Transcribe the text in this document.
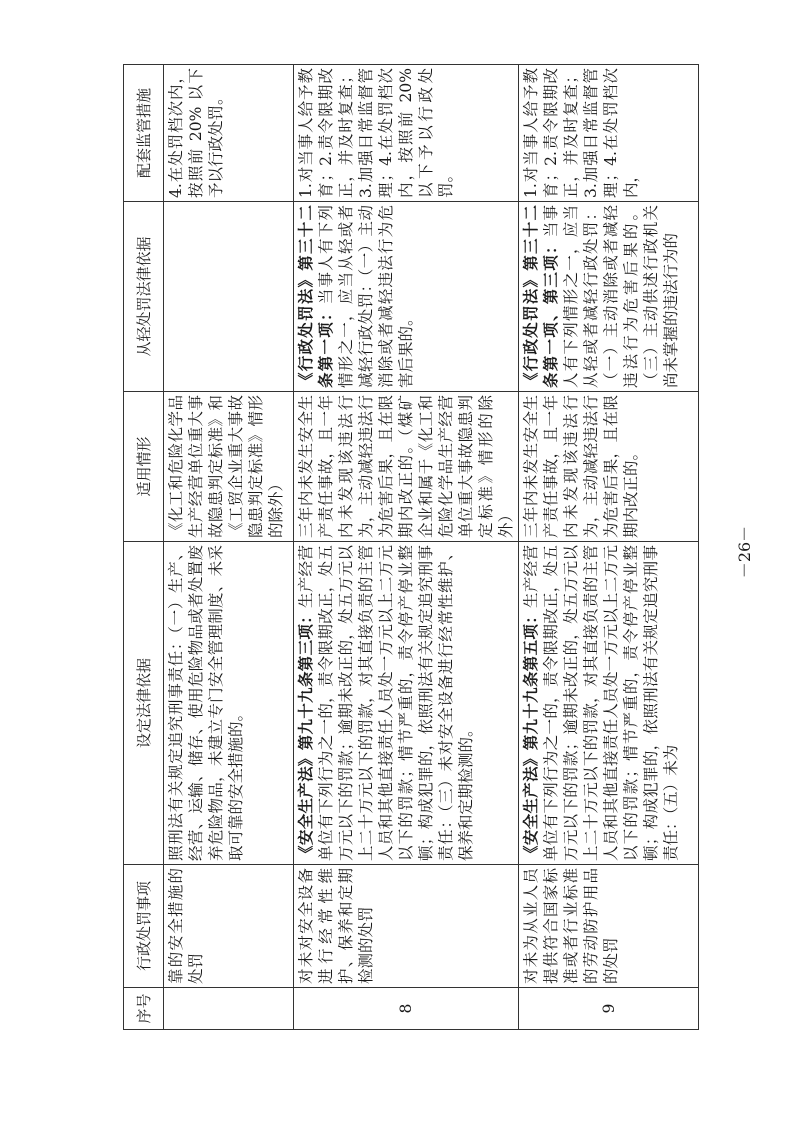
序号	行政处罚事项	设定法律依据	适用情形	从轻处罚法律依据	配套监管措施
	靠的安全措施的处罚	照刑法有关规定追究刑事责任：（一）生产、经营、运输、储存、使用危险物品或者处置废弃危险物品，未建立专门安全管理制度、未采取可靠的安全措施的。	《化工和危险化学品生产经营单位重大事故隐患判定标准》和《工贸企业重大事故隐患判定标准》情形的除外）		4.在处罚档次内，按照前 20% 以下予以行政处罚。
8	对未对安全设备进行经常性维护、保养和定期检测的处罚	《安全生产法》第九十九条第三项：生产经营单位有下列行为之一的，责令限期改正，处五万元以下的罚款；逾期未改正的，处五万元以上二十万元以下的罚款，对其直接负责的主管人员和其他直接责任人员处一万元以上二万元以下的罚款；情节严重的，责令停产停业整顿；构成犯罪的，依照刑法有关规定追究刑事责任：（三）未对安全设备进行经常性维护、保养和定期检测的。	三年内未发生安全生产责任事故，且一年内未发现该违法行为，主动减轻违法行为危害后果，且在限期内改正的。（煤矿企业和属于《化工和危险化学品生产经营单位重大事故隐患判定标准》情形的除外）	《行政处罚法》第三十二条第一项：当事人有下列情形之一，应当从轻或者减轻行政处罚：（一）主动消除或者减轻违法行为危害后果的。	1.对当事人给予教育；2.责令限期改正，并及时复查；3.加强日常监督管理；4.在处罚档次内，按照前 20% 以下予以行政处罚。
9	对未为从业人员提供符合国家标准或者行业标准的劳动防护用品的处罚	《安全生产法》第九十九条第五项：生产经营单位有下列行为之一的，责令限期改正，处五万元以下的罚款；逾期未改正的，处五万元以上二十万元以下的罚款，对其直接负责的主管人员和其他直接责任人员处一万元以上二万元以下的罚款；情节严重的，责令停产停业整顿；构成犯罪的，依照刑法有关规定追究刑事责任：（五）未为	三年内未发生安全生产责任事故，且一年内未发现该违法行为，主动减轻违法行为危害后果，且在限期内改正的。	《行政处罚法》第三十二条第一项、第三项：当事人有下列情形之一，应当从轻或者减轻行政处罚：（一）主动消除或者减轻违法行为危害后果的。（三）主动供述行政机关尚未掌握的违法行为的	1.对当事人给予教育；2.责令限期改正，并及时复查；3.加强日常监督管理；4.在处罚档次内，
－26－
